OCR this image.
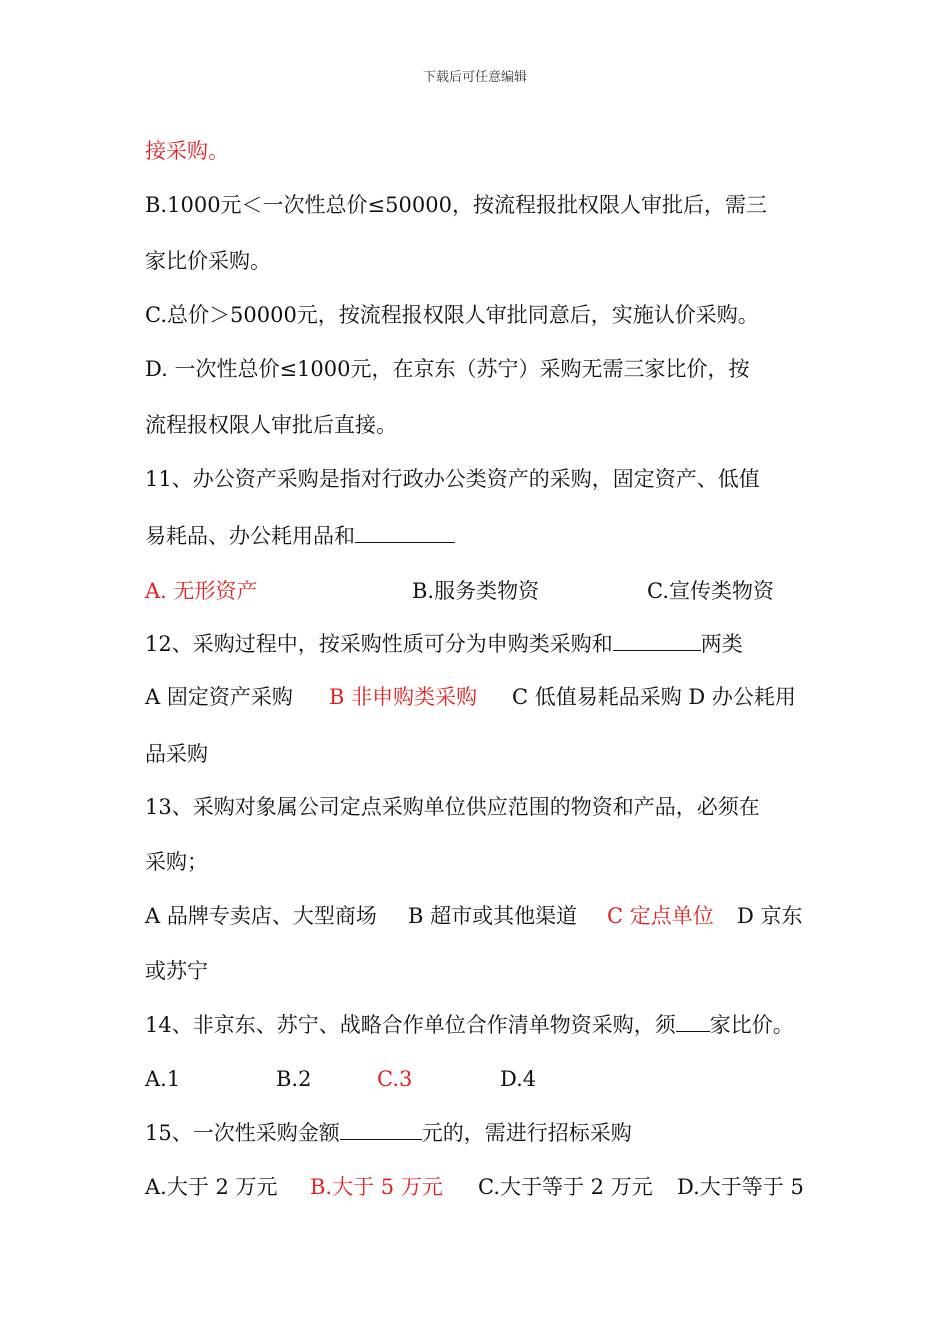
下载后可任意编辑
接采购。
B.1000元＜一次性总价≤50000，按流程报批权限人审批后，需三
家比价采购。
C.总价＞50000元，按流程报权限人审批同意后，实施认价采购。
D. 一次性总价≤1000元，在京东（苏宁）采购无需三家比价，按
流程报权限人审批后直接。
11、办公资产采购是指对行政办公类资产的采购，固定资产、低值
易耗品、办公耗用品和
A. 无形资产	B.服务类物资	C.宣传类物资
12、采购过程中，按采购性质可分为申购类采购和	两类
A 固定资产采购 B 非申购类采购 C 低值易耗品采购 D 办公耗用
品采购
13、采购对象属公司定点采购单位供应范围的物资和产品，必须在
采购；
A 品牌专卖店、大型商场 B 超市或其他渠道 C 定点单位 D 京东
或苏宁
14、非京东、苏宁、战略合作单位合作清单物资采购，须 家比价。
A.1	B.2	C.3	D.4
15、一次性采购金额	元的，需进行招标采购
A.大于 2 万元 B.大于 5 万元 C.大于等于 2 万元 D.大于等于 5
